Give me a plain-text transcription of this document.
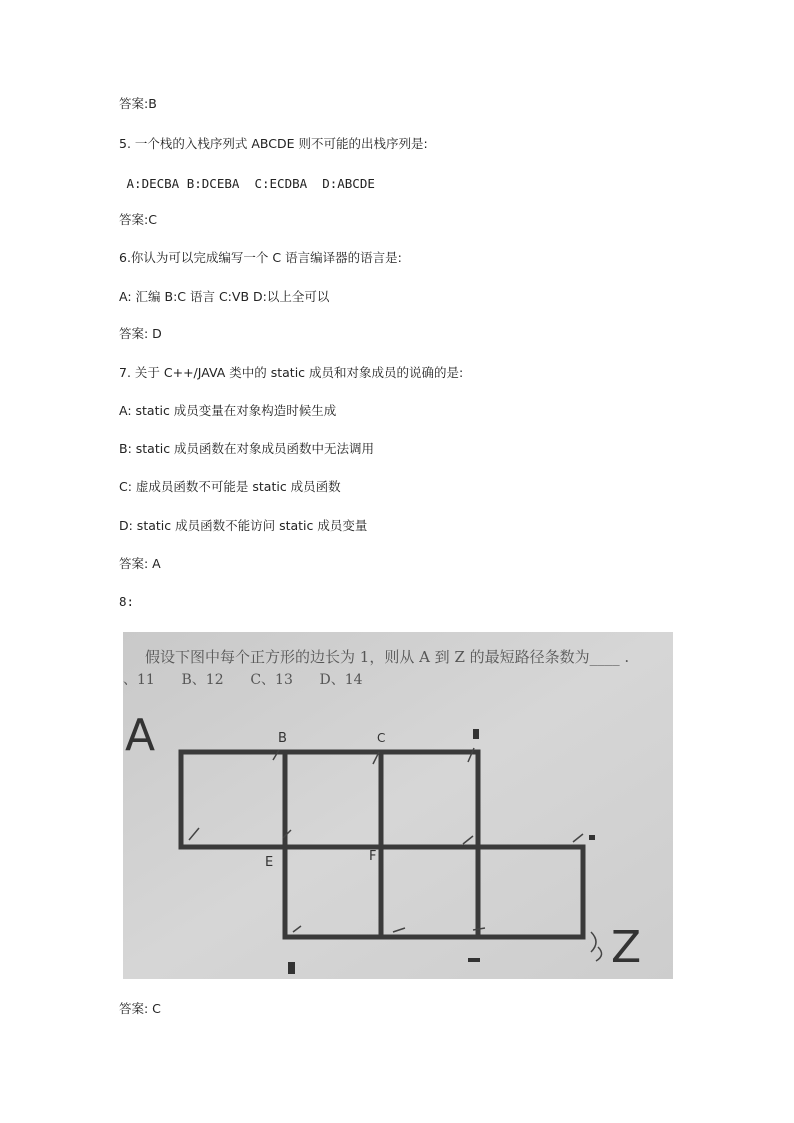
答案:B
5. 一个栈的入栈序列式 ABCDE 则不可能的出栈序列是:
A:DECBA B:DCEBA  C:ECDBA  D:ABCDE
答案:C
6.你认为可以完成编写一个 C 语言编译器的语言是:
A: 汇编 B:C 语言 C:VB D:以上全可以
答案: D
7. 关于 C++/JAVA 类中的 static 成员和对象成员的说确的是:
A: static 成员变量在对象构造时候生成
B: static 成员函数在对象成员函数中无法调用
C: 虚成员函数不可能是 static 成员函数
D: static 成员函数不能访问 static 成员变量
答案: A
8:
假设下图中每个正方形的边长为 1，则从 A 到 Z 的最短路径条数为____ .
、11      B、12      C、13      D、14
A
Z
B	C
E	F
答案: C
